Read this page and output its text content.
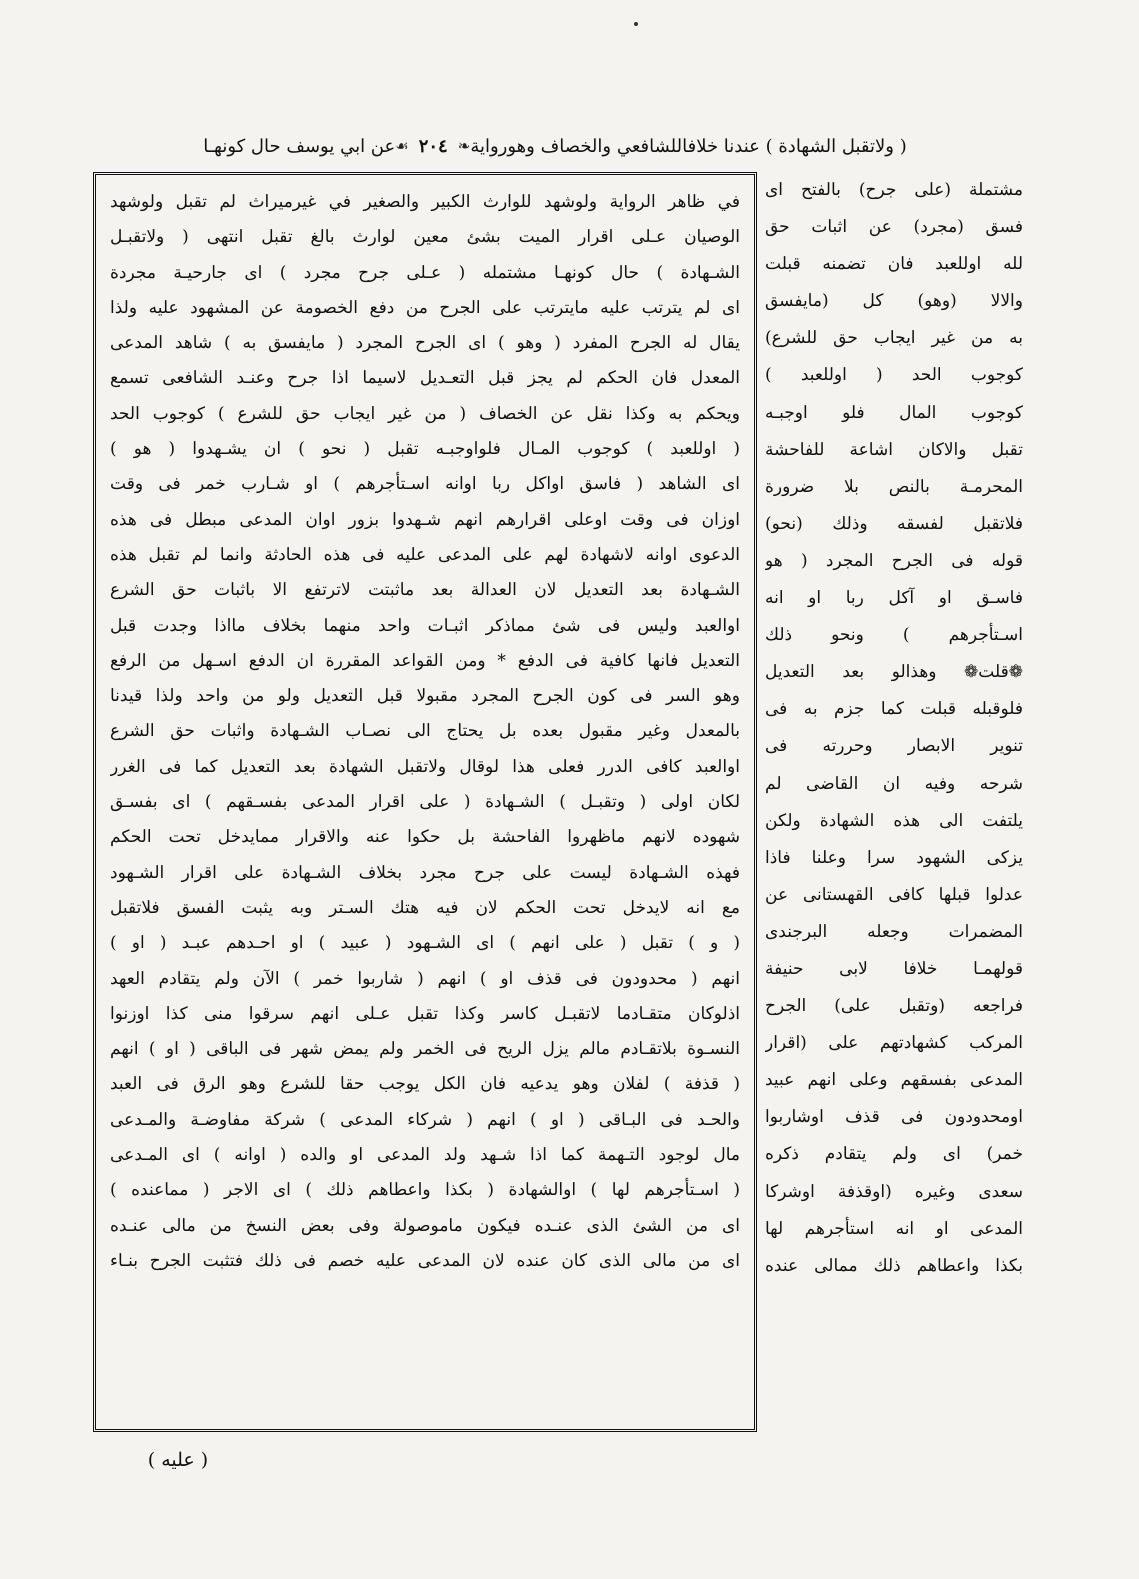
( ولاتقبل الشهادة ) عندنا خلافاللشافعي والخصاف وهورواية
❧
٢٠٤
☙
عن ابي يوسف حال كونهـا
في ظاهر الرواية ولوشهد للوارث الكبير والصغير في غيرميراث لم تقبل ولوشهد
الوصيان عـلى اقرار الميت بشئ معين لوارث بالغ تقبل انتهى ( ولاتقبـل
الشـهادة ) حال كونهـا مشتمله ( عـلى جرح مجرد ) اى جارحيـة مجردة
اى لم يترتب عليه مايترتب على الجرح من دفع الخصومة عن المشهود عليه ولذا
يقال له الجرح المفرد ( وهو ) اى الجرح المجرد ( مايفسق به ) شاهد المدعى
المعدل فان الحكم لم يجز قبل التعـديل لاسيما اذا جرح وعنـد الشافعى تسمع
ويحكم به وكذا نقل عن الخصاف ( من غير ايجاب حق للشرع ) كوجوب الحد
( اوللعبد ) كوجوب المـال فلواوجبـه تقبل ( نحو ) ان يشـهدوا ( هو )
اى الشاهد ( فاسق اواكل ربا اوانه اسـتأجرهم ) او شـارب خمر فى وقت
اوزان فى وقت اوعلى اقرارهم انهم شـهدوا بزور اوان المدعى مبطل فى هذه
الدعوى اوانه لاشهادة لهم على المدعى عليه فى هذه الحادثة وانما لم تقبل هذه
الشـهادة بعد التعديل لان العدالة بعد ماثبتت لاترتفع الا باثبات حق الشرع
اوالعبد وليس فى شئ مماذكر اثبـات واحد منهما بخلاف مااذا وجدت قبل
التعديل فانها كافية فى الدفع * ومن القواعد المقررة ان الدفع اسـهل من الرفع
وهو السر فى كون الجرح المجرد مقبولا قبل التعديل ولو من واحد ولذا قيدنا
بالمعدل وغير مقبول بعده بل يحتاج الى نصـاب الشـهادة واثبات حق الشرع
اوالعبد كافى الدرر فعلى هذا لوقال ولاتقبل الشهادة بعد التعديل كما فى الغرر
لكان اولى ( وتقبـل ) الشـهادة ( على اقرار المدعى بفسـقهم ) اى بفسـق
شهوده لانهم ماظهروا الفاحشة بل حكوا عنه والاقرار ممايدخل تحت الحكم
فهذه الشـهادة ليست على جرح مجرد بخلاف الشـهادة على اقرار الشـهود
مع انه لايدخل تحت الحكم لان فيه هتك السـتر وبه يثبت الفسق فلاتقبل
( و ) تقبل ( على انهم ) اى الشـهود ( عبيد ) او احـدهم عبـد ( او )
انهم ( محدودون فى قذف او ) انهم ( شاربوا خمر ) الآن ولم يتقادم العهد
اذلوكان متقـادما لاتقبـل كاسر وكذا تقبل عـلى انهم سرقوا منى كذا اوزنوا
النسـوة بلاتقـادم مالم يزل الريح فى الخمر ولم يمض شهر فى الباقى ( او ) انهم
( قذفة ) لفلان وهو يدعيه فان الكل يوجب حقا للشرع وهو الرق فى العبد
والحـد فى البـاقى ( او ) انهم ( شركاء المدعى ) شركة مفاوضـة والمـدعى
مال لوجود التـهمة كما اذا شـهد ولد المدعى او والده ( اوانه ) اى المـدعى
( اسـتأجرهم لها ) اوالشهادة ( بكذا واعطاهم ذلك ) اى الاجر ( مماعنده )
اى من الشئ الذى عنـده فيكون ماموصولة وفى بعض النسخ من مالى عنـده
اى من مالى الذى كان عنده لان المدعى عليه خصم فى ذلك فتثبت الجرح بنـاء
مشتملة (على جرح) بالفتح اى
فسق (مجرد) عن اثبات حق
لله اوللعبد فان تضمنه قبلت
والالا (وهو) كل (مايفسق
به من غير ايجاب حق للشرع)
كوجوب الحد ( اوللعبد )
كوجوب المال فلو اوجبـه
تقبل والاكان اشاعة للفاحشة
المحرمـة بالنص بلا ضرورة
فلاتقبل لفسقه وذلك (نحو)
قوله فى الجرح المجرد ( هو
فاسـق او آكل ربا او انه
اسـتأجرهم ) ونحو ذلك
❁قلت❁ وهذالو بعد التعديل
فلوقبله قبلت كما جزم به فى
تنوير الابصار وحررته فى
شرحه وفيه ان القاضى لم
يلتفت الى هذه الشهادة ولكن
يزكى الشهود سرا وعلنا فاذا
عدلوا قبلها كافى القهستانى عن
المضمرات وجعله البرجندى
قولهمـا خلافا لابى حنيفة
فراجعه (وتقبل على) الجرح
المركب كشهادتهم على (اقرار
المدعى بفسقهم وعلى انهم عبيد
اومحدودون فى قذف اوشاربوا
خمر) اى ولم يتقادم ذكره
سعدى وغيره (اوقذفة اوشركا
المدعى او انه استأجرهم لها
بكذا واعطاهم ذلك ممالى عنده
( عليه )
